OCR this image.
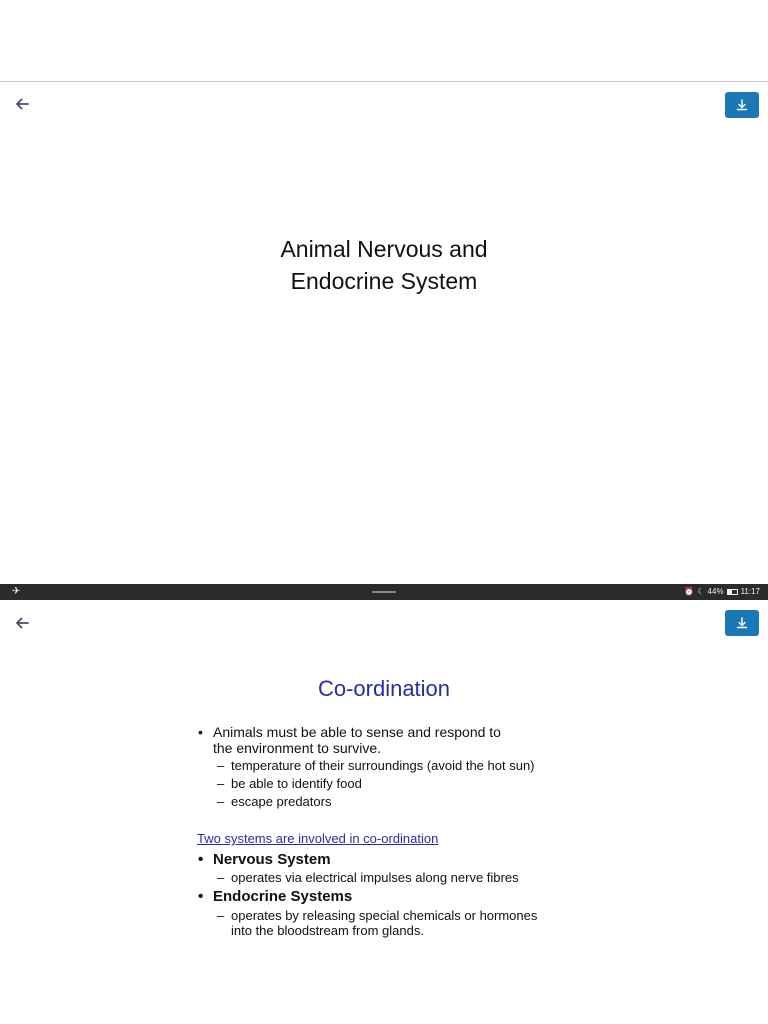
Animal Nervous and
Endocrine System
✈	⏰ ☾ 44% 11:17
Co-ordination
• Animals must be able to sense and respond to
the environment to survive.
– temperature of their surroundings (avoid the hot sun)
– be able to identify food
– escape predators
Two systems are involved in co-ordination
• Nervous System
– operates via electrical impulses along nerve fibres
• Endocrine Systems
– operates by releasing special chemicals or hormones
into the bloodstream from glands.
